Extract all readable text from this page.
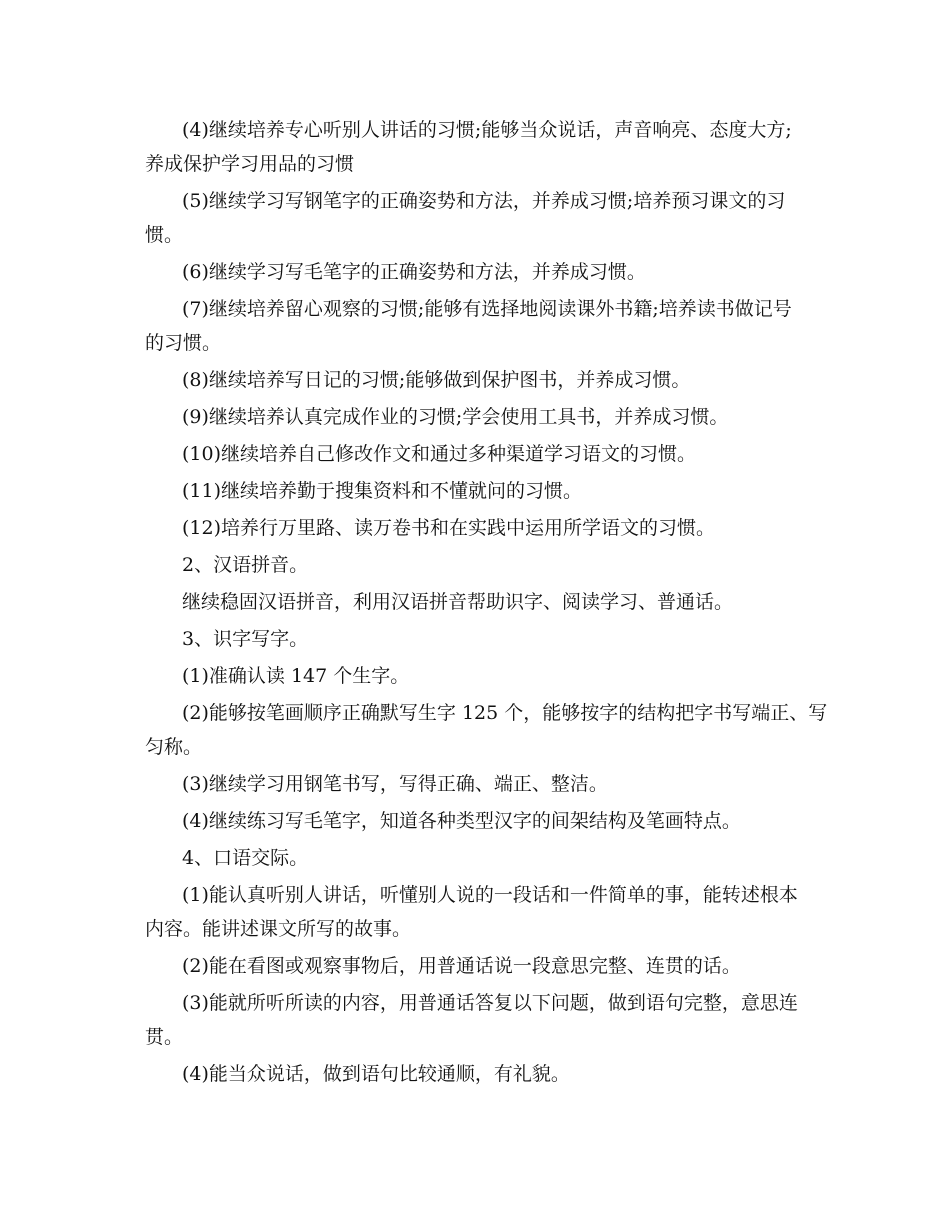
(4)继续培养专心听别人讲话的习惯;能够当众说话，声音响亮、态度大方;
养成保护学习用品的习惯

(5)继续学习写钢笔字的正确姿势和方法，并养成习惯;培养预习课文的习
惯。

(6)继续学习写毛笔字的正确姿势和方法，并养成习惯。

(7)继续培养留心观察的习惯;能够有选择地阅读课外书籍;培养读书做记号
的习惯。

(8)继续培养写日记的习惯;能够做到保护图书，并养成习惯。

(9)继续培养认真完成作业的习惯;学会使用工具书，并养成习惯。

(10)继续培养自己修改作文和通过多种渠道学习语文的习惯。

(11)继续培养勤于搜集资料和不懂就问的习惯。

(12)培养行万里路、读万卷书和在实践中运用所学语文的习惯。

2、汉语拼音。

继续稳固汉语拼音，利用汉语拼音帮助识字、阅读学习、普通话。

3、识字写字。

(1)准确认读 147 个生字。

(2)能够按笔画顺序正确默写生字 125 个，能够按字的结构把字书写端正、写
匀称。

(3)继续学习用钢笔书写，写得正确、端正、整洁。

(4)继续练习写毛笔字，知道各种类型汉字的间架结构及笔画特点。

4、口语交际。

(1)能认真听别人讲话，听懂别人说的一段话和一件简单的事，能转述根本
内容。能讲述课文所写的故事。

(2)能在看图或观察事物后，用普通话说一段意思完整、连贯的话。

(3)能就所听所读的内容，用普通话答复以下问题，做到语句完整，意思连
贯。

(4)能当众说话，做到语句比较通顺，有礼貌。
